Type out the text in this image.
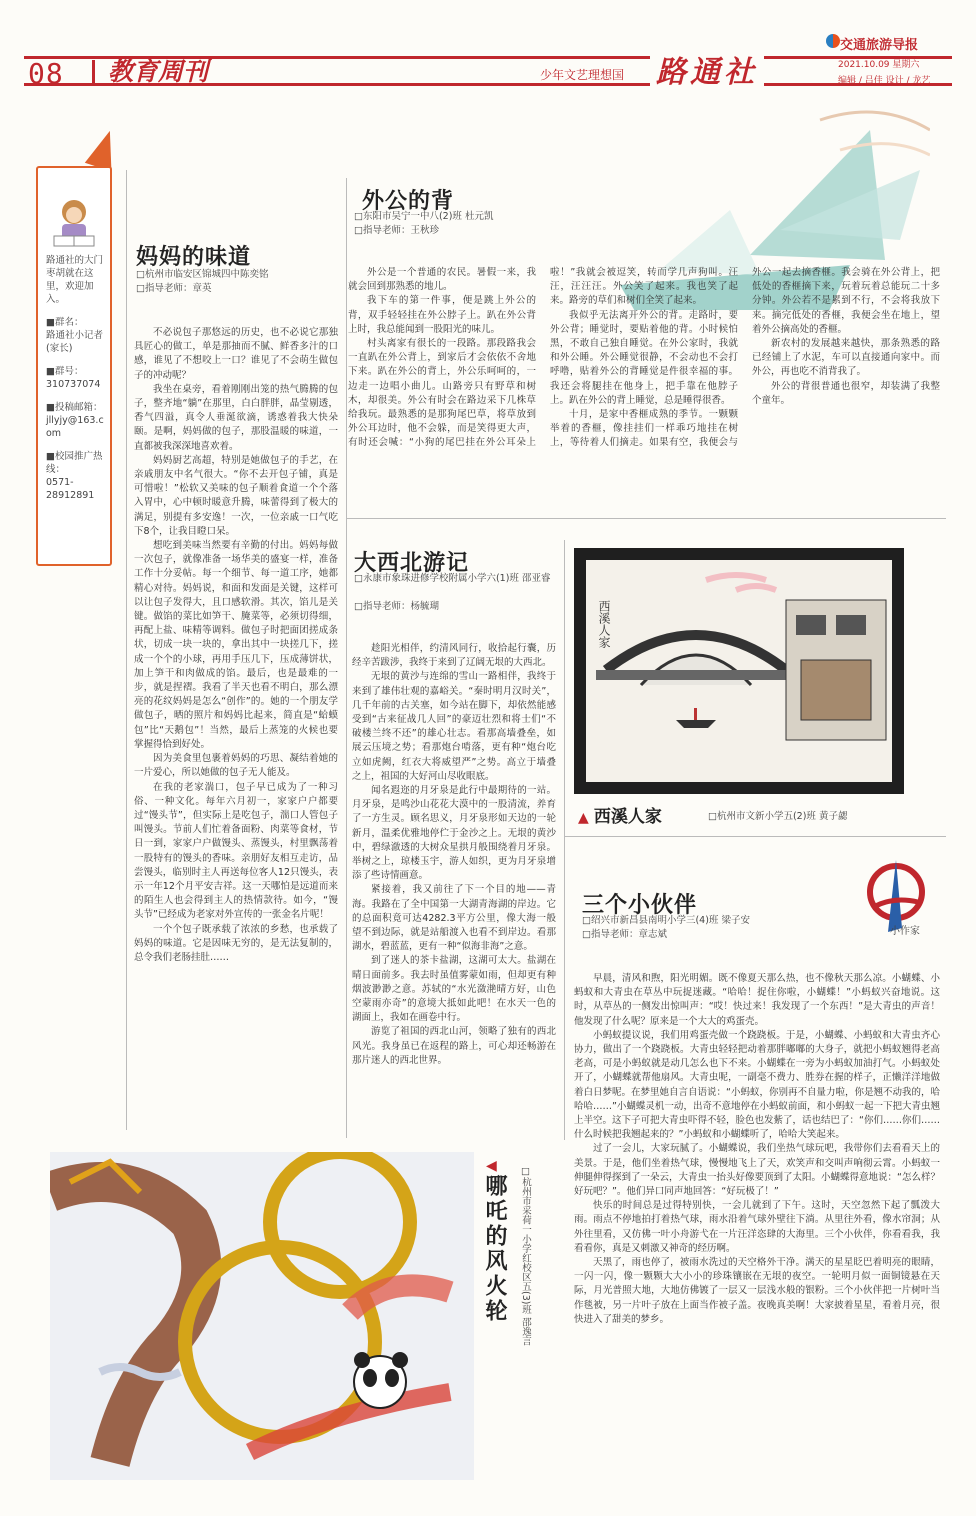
交通旅游导报
08 教育周刊	少年文艺理想国 路通社	2021.10.09 星期六
编辑 / 吕佳 设计 / 龙艺
路通社的大门枣胡就在这里，欢迎加入。
■群名：
路通社小记者(家长)
■群号：
310737074
■投稿邮箱：
jllyjy@163.com
■校园推广热线：
0571-28912891
妈妈的味道
□杭州市临安区锦城四中陈奕铭
□指导老师：章英

不必说包子那悠远的历史，也不必说它那独具匠心的做工，单是那抽而不腻、鲜香多汁的口感，谁见了不想咬上一口？谁见了不会萌生做包子的冲动呢？

我坐在桌旁，看着刚刚出笼的热气腾腾的包子，整齐地“躺”在那里，白白胖胖，晶莹剔透，香气四溢，真令人垂涎欲滴，诱惑着我大快朵颐。是啊，妈妈做的包子，那股温暖的味道，一直都被我深深地喜欢着。

妈妈厨艺高超，特别是她做包子的手艺，在亲戚朋友中名气很大。“你不去开包子铺，真是可惜啦！”松软又美味的包子顺着食道一个个落入胃中，心中顿时暖意升腾，味蕾得到了极大的满足，别提有多安逸！一次，一位亲戚一口气吃下8个，让我目瞪口呆。

想吃到美味当然要有辛勤的付出。妈妈每做一次包子，就像准备一场华美的盛宴一样，准备工作十分妥帖。每一个细节、每一道工序，她都精心对待。妈妈说，和面和发面是关键，这样可以让包子发得大，且口感软滑。其次，馅儿是关键。做馅的菜比如笋干、腌菜等，必须切得细，再配上盐、味精等调料。做包子时把面团搓成条状，切成一块一块的，拿出其中一块搓几下，搓成一个个的小球，再用手压几下，压成薄饼状，加上笋干和肉做成的馅。最后，也是最难的一步，就是捏褶。我看了半天也看不明白，那么漂亮的花纹妈妈是怎么“创作”的。她的一个朋友学做包子，晒的照片和妈妈比起来，简直是“蛤蟆包”比“天鹅包”！当然，最后上蒸笼的火候也要掌握得恰到好处。

因为美食里包裹着妈妈的巧思、凝结着她的一片爱心，所以她做的包子无人能及。

在我的老家湍口，包子早已成为了一种习俗、一种文化。每年六月初一，家家户户都要过“馒头节”，但实际上是吃包子，湍口人管包子叫馒头。节前人们忙着备面粉、肉菜等食材，节日一到，家家户户做馒头、蒸馒头，村里飘荡着一股特有的馒头的香味。亲朋好友相互走访，品尝馒头，临别时主人再送每位客人12只馒头，表示一年12个月平安吉祥。这一天哪怕是远道而来的陌生人也会得到主人的热情款待。如今，“馒头节”已经成为老家对外宣传的一张金名片呢！

一个个包子既承载了浓浓的乡愁，也承载了妈妈的味道。它是因味无穷的，是无法复制的，总令我们老肠挂肚……

外公的背
□东阳市吴宁一中八(2)班 杜元凯
□指导老师：王秋珍

外公是一个普通的农民。暑假一来，我就会回到那熟悉的地儿。

我下车的第一件事，便是跳上外公的背，双手轻轻挂在外公脖子上。趴在外公背上时，我总能闻到一股阳光的味儿。

村头离家有很长的一段路。那段路我会一直趴在外公背上，到家后才会依依不舍地下来。趴在外公的背上，外公乐呵呵的，一边走一边唱小曲儿。山路旁只有野草和树木，却很美。外公有时会在路边采下几株草给我玩。最熟悉的是那狗尾巴草，将草放到外公耳边时，他不会躲，而是笑得更大声，有时还会喊：“小狗的尾巴挂在外公耳朵上啦！”我就会被逗笑，转而学几声狗叫。汪汪，汪汪汪。外公笑了起来。我也笑了起来。路旁的草们和树们全笑了起来。

我似乎无法离开外公的背。走路时，要外公背；睡觉时，要贴着他的背。小时候怕黑，不敢自己独自睡觉。在外公家时，我就和外公睡。外公睡觉很静，不会动也不会打呼噜，贴着外公的背睡觉是件很幸福的事。我还会将腿挂在他身上，把手靠在他脖子上。趴在外公的背上睡觉，总是睡得很香。

十月，是家中香榧成熟的季节。一颗颗举着的香榧，像挂挂们一样乖巧地挂在树上，等待着人们摘走。如果有空，我便会与外公一起去摘香榧。我会骑在外公背上，把低处的香榧摘下来，玩着玩着总能玩二十多分钟。外公若不是累到不行，不会将我放下来。摘完低处的香榧，我便会坐在地上，望着外公摘高处的香榧。

新农村的发展越来越快，那条熟悉的路已经铺上了水泥，车可以直接通向家中。而外公，再也吃不消背我了。

外公的背很普通也很窄，却装满了我整个童年。

大西北游记
□永康市象珠进修学校附属小学六(1)班 邵亚睿
□指导老师：杨毓瑚

趁阳光相伴，约清风同行，收拾起行囊，历经辛苦跋涉，我终于来到了辽阔无垠的大西北。

无垠的黄沙与连绵的雪山一路相伴，我终于来到了雄伟壮观的嘉峪关。“秦时明月汉时关”，几千年前的古关塞，如今站在脚下，却依然能感受到“古来征战几人回”的豪迈壮烈和将士们“不破楼兰终不还”的雄心壮志。看那高墙叠垒，如展云压境之势；看那炮台啃落，更有种“炮台吃立如虎阙，红衣大将威望严”之势。高立于墙叠之上，祖国的大好河山尽收眼底。

闻名遐迩的月牙泉是此行中最期待的一站。月牙泉，是鸣沙山花花大漠中的一股清流，养育了一方生灵。顾名思义，月牙泉形如天边的一轮新月，温柔优雅地停伫于金沙之上。无垠的黄沙中，碧绿澈透的大树众星拱月般围绕着月牙泉。举树之上，琼楼玉宇，游人如织，更为月牙泉增添了些诗情画意。

紧接着，我又前往了下一个目的地——青海。我路在了全中国第一大湖青海湖的岸边。它的总面积竟可达4282.3平方公里，像大海一般望不到边际，就是站船渡入也看不到岸边。看那湖水，碧蓝蓝，更有一种“似海非海”之意。

到了迷人的茶卡盐湖，这湖可太大。盐湖在晴日面前多。我去时虽值雾蒙如雨，但却更有种烟波渺渺之意。苏轼的“水光潋滟晴方好，山色空蒙雨亦奇”的意境大抵如此吧！在水天一色的湖面上，我如在画卷中行。

游览了祖国的西北山河，领略了独有的西北风光。我身虽已在返程的路上，可心却还畅游在那片迷人的西北世界。

西溪人家
▲ 西溪人家	□杭州市文新小学五(2)班 黄子勰
三个小伙伴
□绍兴市新昌县南明小学三(4)班 梁子安
□指导老师：章志斌	小作家

早晨，清风和煦，阳光明媚。既不像夏天那么热，也不像秋天那么凉。小蝴蝶、小蚂蚁和大青虫在草丛中玩捉迷藏。“哈哈！捉住你啦，小蝴蝶！”小蚂蚁兴奋地说。这时，从草丛的一侧发出惊叫声：“哎！快过来！我发现了一个东西！”是大青虫的声音！他发现了什么呢？原来是一个大大的鸡蛋壳。

小蚂蚁提议说，我们用鸡蛋壳做一个跷跷板。于是，小蝴蝶、小蚂蚁和大青虫齐心协力，做出了一个跷跷板。大青虫轻轻把动着那胖嘟嘟的大身子，就把小蚂蚁翘得老高老高，可是小蚂蚁就是动几怎么也下不来。小蝴蝶在一旁为小蚂蚁加油打气。小蚂蚁处开了，小蝴蝶就帮他扇风。大青虫呢，一副毫不费力、胜券在握的样子，正懒洋洋地做着白日梦呢。在梦里她自言自语说：“小蚂蚁，你别再不自量力啦，你是翘不动我的，哈哈哈……”小蝴蝶灵机一动，出奇不意地停在小蚂蚁前面，和小蚂蚁一起一下把大青虫翘上半空。这下子可把大青虫吓得不轻，脸色也发紫了，话也结巴了：“你们……你们……什么时候把我翘起来的？”小蚂蚁和小蝴蝶听了，哈哈大笑起来。

过了一会儿，大家玩腻了。小蝴蝶说，我们坐热气球玩吧，我带你们去看看天上的美景。于是，他们坐着热气球，慢慢地飞上了天，欢笑声和交叫声响彻云霄。小蚂蚁一伸腿伸得探到了一朵云，大青虫一抬头好像要顶到了太阳。小蝴蝶得意地说：“怎么样？好玩吧？”。他们异口同声地回答：“好玩极了！”

快乐的时间总是过得特别快，一会儿就到了下午。这时，天空忽然下起了瓢泼大雨。雨点不停地拍打着热气球，雨水沿着气球外壁往下淌。从里往外看，像水帘洞；从外往里看，又仿佛一叶小舟游弋在一片汪洋恣肆的大海里。三个小伙伴，你看看我，我看看你，真是又刺激又神奇的经历啊。

天黑了，雨也停了，被雨水洗过的天空格外干净。满天的星星眨巴着明亮的眼睛，一闪一闪，像一颗颗大大小小的珍珠镶嵌在无垠的夜空。一轮明月似一面铜镜悬在天际，月光普照大地，大地仿佛镀了一层又一层浅水般的银粉。三个小伙伴把一片树叶当作毯被，另一片叶子放在上面当作被子盖。夜晚真美啊！大家披着星星，看着月亮，很快进入了甜美的梦乡。

◀
哪吒的风火轮	□杭州市采荷一小学红校区五(3)班 邵逸言
